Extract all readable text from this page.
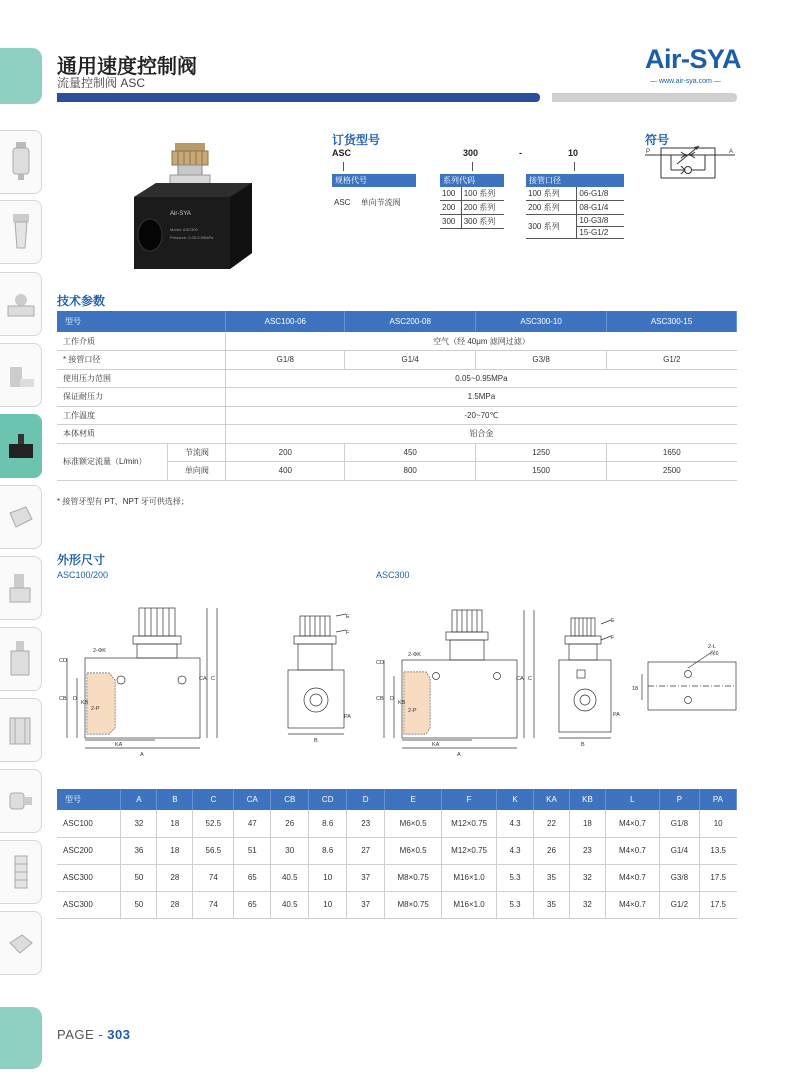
通用速度控制阀
流量控制阀 ASC
Air-SYA
— www.air-sya.com —
Air-SYA
Model: ASC300
Pressure: 0.05-0.95MPa
订货型号
ASC	300	-	10
规格代号
ASC	单向节流阀
系列代码	
100	100 系列
200	200 系列
300	300 系列
接管口径	
100 系列	06-G1/8
200 系列	08-G1/4
300 系列	10-G3/8
	15-G1/2
符号
P	A
技术参数
型号		ASC100-06	ASC200-08	ASC300-10	ASC300-15
工作介质		空气（经 40μm 滤网过滤）			
* 接管口径		G1/8	G1/4	G3/8	G1/2
使用压力范围		0.05~0.95MPa			
保证耐压力		1.5MPa			
工作温度		-20~70℃			
本体材质		铝合金			
标准额定流量（L/min）	节流阀	200	450	1250	1650
	单向阀	400	800	1500	2500
* 接管牙型有 PT、NPT 牙可供选择；
外形尺寸
ASC100/200	ASC300
2-ΦK
CD
CB D
KB
2-P
KA
A
CA C
E
F
B
PA
2-ΦK
CD
CB D
KB
2-P
KA
A
CA C
E
F
B
PA
2-L
深6
18
型号	A	B	C	CA	CB	CD	D	E	F	K	KA	KB	L	P	PA
ASC100	32	18	52.5	47	26	8.6	23	M6×0.5	M12×0.75	4.3	22	18	M4×0.7	G1/8	10
ASC200	36	18	56.5	51	30	8.6	27	M6×0.5	M12×0.75	4.3	26	23	M4×0.7	G1/4	13.5
ASC300	50	28	74	65	40.5	10	37	M8×0.75	M16×1.0	5.3	35	32	M4×0.7	G3/8	17.5
ASC300	50	28	74	65	40.5	10	37	M8×0.75	M16×1.0	5.3	35	32	M4×0.7	G1/2	17.5
PAGE - 303
